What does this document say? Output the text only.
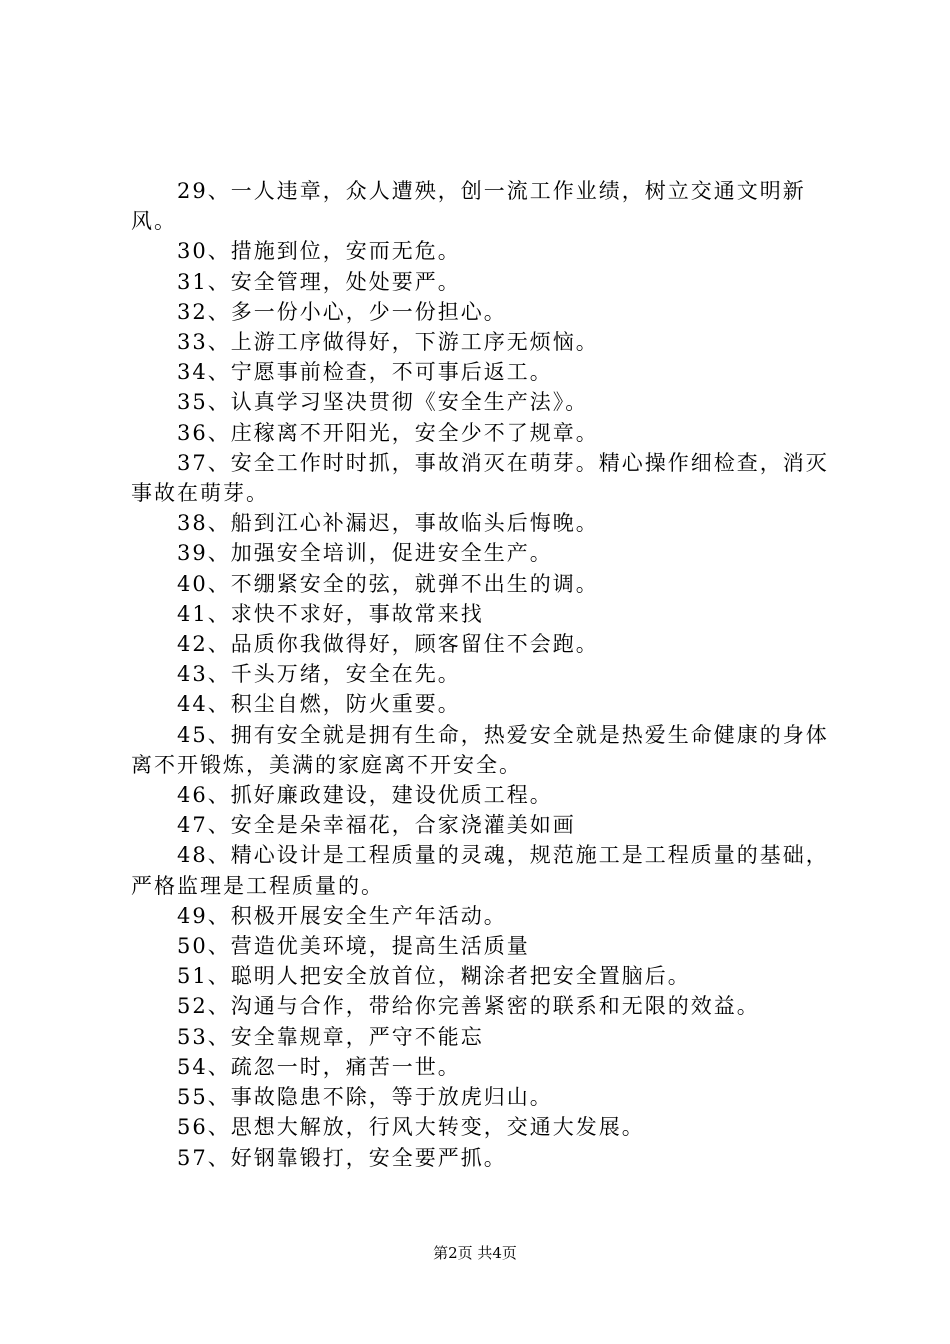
29、一人违章，众人遭殃，创一流工作业绩，树立交通文明新风。

30、措施到位，安而无危。

31、安全管理，处处要严。

32、多一份小心，少一份担心。

33、上游工序做得好，下游工序无烦恼。

34、宁愿事前检查，不可事后返工。

35、认真学习坚决贯彻《安全生产法》。

36、庄稼离不开阳光，安全少不了规章。

37、安全工作时时抓，事故消灭在萌芽。精心操作细检查，消灭事故在萌芽。

38、船到江心补漏迟，事故临头后悔晚。

39、加强安全培训，促进安全生产。

40、不绷紧安全的弦，就弹不出生的调。

41、求快不求好，事故常来找

42、品质你我做得好，顾客留住不会跑。

43、千头万绪，安全在先。

44、积尘自燃，防火重要。

45、拥有安全就是拥有生命，热爱安全就是热爱生命健康的身体离不开锻炼，美满的家庭离不开安全。

46、抓好廉政建设，建设优质工程。

47、安全是朵幸福花，合家浇灌美如画

48、精心设计是工程质量的灵魂，规范施工是工程质量的基础，严格监理是工程质量的。

49、积极开展安全生产年活动。

50、营造优美环境，提高生活质量

51、聪明人把安全放首位，糊涂者把安全置脑后。

52、沟通与合作，带给你完善紧密的联系和无限的效益。

53、安全靠规章，严守不能忘

54、疏忽一时，痛苦一世。

55、事故隐患不除，等于放虎归山。

56、思想大解放，行风大转变，交通大发展。

57、好钢靠锻打，安全要严抓。

第2页 共4页
